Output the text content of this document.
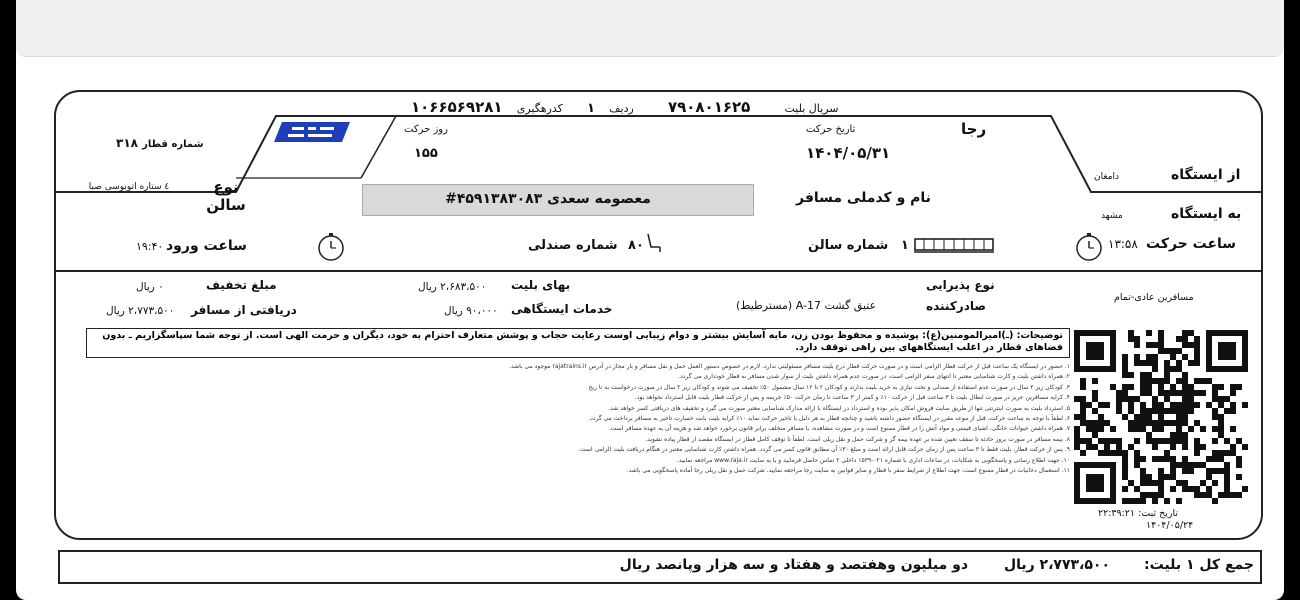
سریال بلیت ۷۹۰۸۰۱۶۲۵ ردیف ۱ کدرهگیری ۱۰۶۶۵۶۹۲۸۱
شماره قطار ۳۱۸
روز حرکت
۱۵۵
تاریخ حرکت
۱۴۰۴/۰۵/۳۱
رجا
از ایستگاه
دامغان
به ایستگاه
مشهد
ساعت حرکت
۱۳:۵۸
نوع سالن
٤ ستاره اتوبوسی صبا
معصومه سعدی ۴۵۹۱۳۸۳۰۸۳#	نام و کدملی مسافر
ساعت ورود
۱۹:۴۰	۸۰ شماره صندلی	۱ شماره سالن
مسافرین عادی-تمام
نوع پذیرایی
صادرکننده
عتیق گشت A-17 (مسترطیط)
بهای بلیت
۲،۶۸۳،۵۰۰ ریال
خدمات ایستگاهی
۹۰،۰۰۰ ریال
مبلغ تخفیف
۰ ریال
دریافتی از مسافر
۲،۷۷۳،۵۰۰ ریال
توضیحات: (ـ)امیرالمومنین(ع): پوشیده و محفوظ بودن زن، مایه آسایش بیشتر و دوام زیبایی اوست رعایت حجاب و پوشش متعارف احترام به خود، دیگران و حرمت الهی است. از توجه شما سپاسگزاریم ـ بدون فضاهای قطار در اغلب ایستگاههای بین راهی توقف دارد.
۱. حضور در ایستگاه یک ساعت قبل از حرکت قطار الزامی است و در صورت حرکت قطار درج بلیت مسافر مسئولیتی ندارد. لازم در خصوص دستور العمل حمل و نقل مسافر و بار مجاز در آدرس rajatrains.ir موجود می باشد.
۲. همراه داشتن بلیت و کارت شناسایی معتبر تا انتهای سفر الزامی است، در صورت عدم همراه داشتن بلیت از سوار شدن مسافر به قطار خودداری می گردد.
۳. کودکان زیر ۲ سال در صورت عدم استفاده از صندلی و تخت نیازی به خرید بلیت ندارند و کودکان ۲ تا ۱۲ سال مشمول ۵۰٪ تخفیف می شوند و کودکان زیر ۲ سال در صورت درخواست به تا ریخ
۴. کرایه مسافرین عزیز در صورت ابطال بلیت تا ۳ ساعت قبل از حرکت ۱۰٪ و کمتر از ۳ ساعت تا زمان حرکت ۵۰٪ جریمه و پس از حرکت قطار بلیت قابل استرداد نخواهد بود.
۵. استرداد بلیت به صورت اینترنتی تنها از طریق سایت فروش امکان پذیر بوده و استرداد در ایستگاه با ارائه مدارک شناسایی معتبر صورت می گیرد و تخفیف های دریافتی کسر خواهد شد.
۶. لطفاً با توجه به ساعت حرکت، قبل از موعد مقرر در ایستگاه حضور داشته باشید و چنانچه قطار به هر دلیل با تاخیر حرکت نماید ۱۰٪ کرایه بلیت بابت خسارت تاخیر به مسافر پرداخت می گردد.
۷. همراه داشتن حیوانات خانگی، اشیای قیمتی و مواد آتش زا در قطار ممنوع است و در صورت مشاهده، با مسافر متخلف برابر قانون برخورد خواهد شد و هزینه آن به عهده مسافر است.
۸. بیمه مسافر در صورت بروز حادثه تا سقف تعیین شده بر عهده بیمه گر و شرکت حمل و نقل ریلی است. لطفاً تا توقف کامل قطار در ایستگاه مقصد از قطار پیاده نشوید.
۹. پس از حرکت قطار، بلیت فقط تا ۳ ساعت پس از زمان حرکت قابل ارائه است و مبلغ ۳۰٪ آن مطابق قانون کسر می گردد. همراه داشتن کارت شناسایی معتبر در هنگام دریافت بلیت الزامی است.
۱۰. جهت اطلاع رسانی و پاسخگویی به شکایات، در ساعات اداری با شماره ۰۲۱-۱۵۳۹ داخلی ۲ تماس حاصل فرمایید و یا به سایت www.raja.ir مراجعه نمایید.
۱۱. استعمال دخانیات در قطار ممنوع است، جهت اطلاع از شرایط سفر با قطار و سایر قوانین به سایت رجا مراجعه نمایید. شرکت حمل و نقل ریلی رجا آماده پاسخگویی می باشد.
تاریخ ثبت: ۲۲:۳۹:۲۱
۱۴۰۴/۰۵/۲۴
جمع کل ۱ بلیت:
۲،۷۷۳،۵۰۰ ریال
دو میلیون وهفتصد و هفتاد و سه هزار وپانصد ریال
